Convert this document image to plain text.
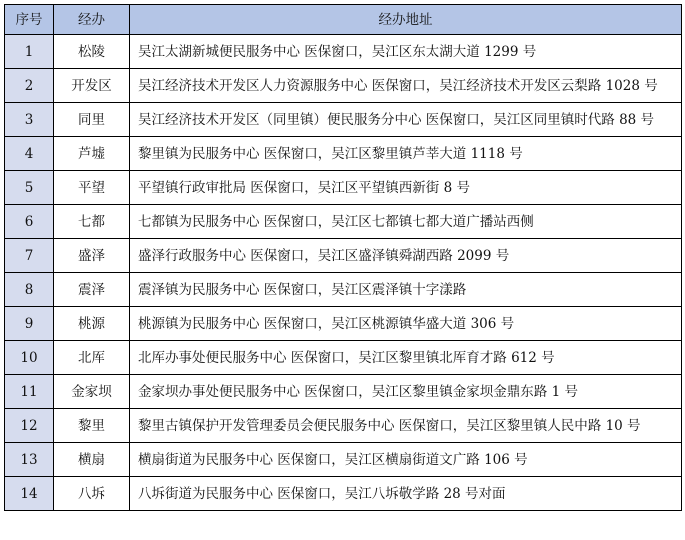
序号	经办	经办地址
1	松陵	吴江太湖新城便民服务中心 医保窗口，吴江区东太湖大道 1299 号
2	开发区	吴江经济技术开发区人力资源服务中心 医保窗口，吴江经济技术开发区云梨路 1028 号
3	同里	吴江经济技术开发区（同里镇）便民服务分中心 医保窗口，吴江区同里镇时代路 88 号
4	芦墟	黎里镇为民服务中心 医保窗口，吴江区黎里镇芦莘大道 1118 号
5	平望	平望镇行政审批局 医保窗口，吴江区平望镇西新街 8 号
6	七都	七都镇为民服务中心 医保窗口，吴江区七都镇七都大道广播站西侧
7	盛泽	盛泽行政服务中心 医保窗口，吴江区盛泽镇舜湖西路 2099 号
8	震泽	震泽镇为民服务中心 医保窗口，吴江区震泽镇十字漾路
9	桃源	桃源镇为民服务中心 医保窗口，吴江区桃源镇华盛大道 306 号
10	北厍	北厍办事处便民服务中心 医保窗口，吴江区黎里镇北厍育才路 612 号
11	金家坝	金家坝办事处便民服务中心 医保窗口，吴江区黎里镇金家坝金鼎东路 1 号
12	黎里	黎里古镇保护开发管理委员会便民服务中心 医保窗口，吴江区黎里镇人民中路 10 号
13	横扇	横扇街道为民服务中心 医保窗口，吴江区横扇街道文广路 106 号
14	八坼	八坼街道为民服务中心 医保窗口，吴江八坼敬学路 28 号对面
